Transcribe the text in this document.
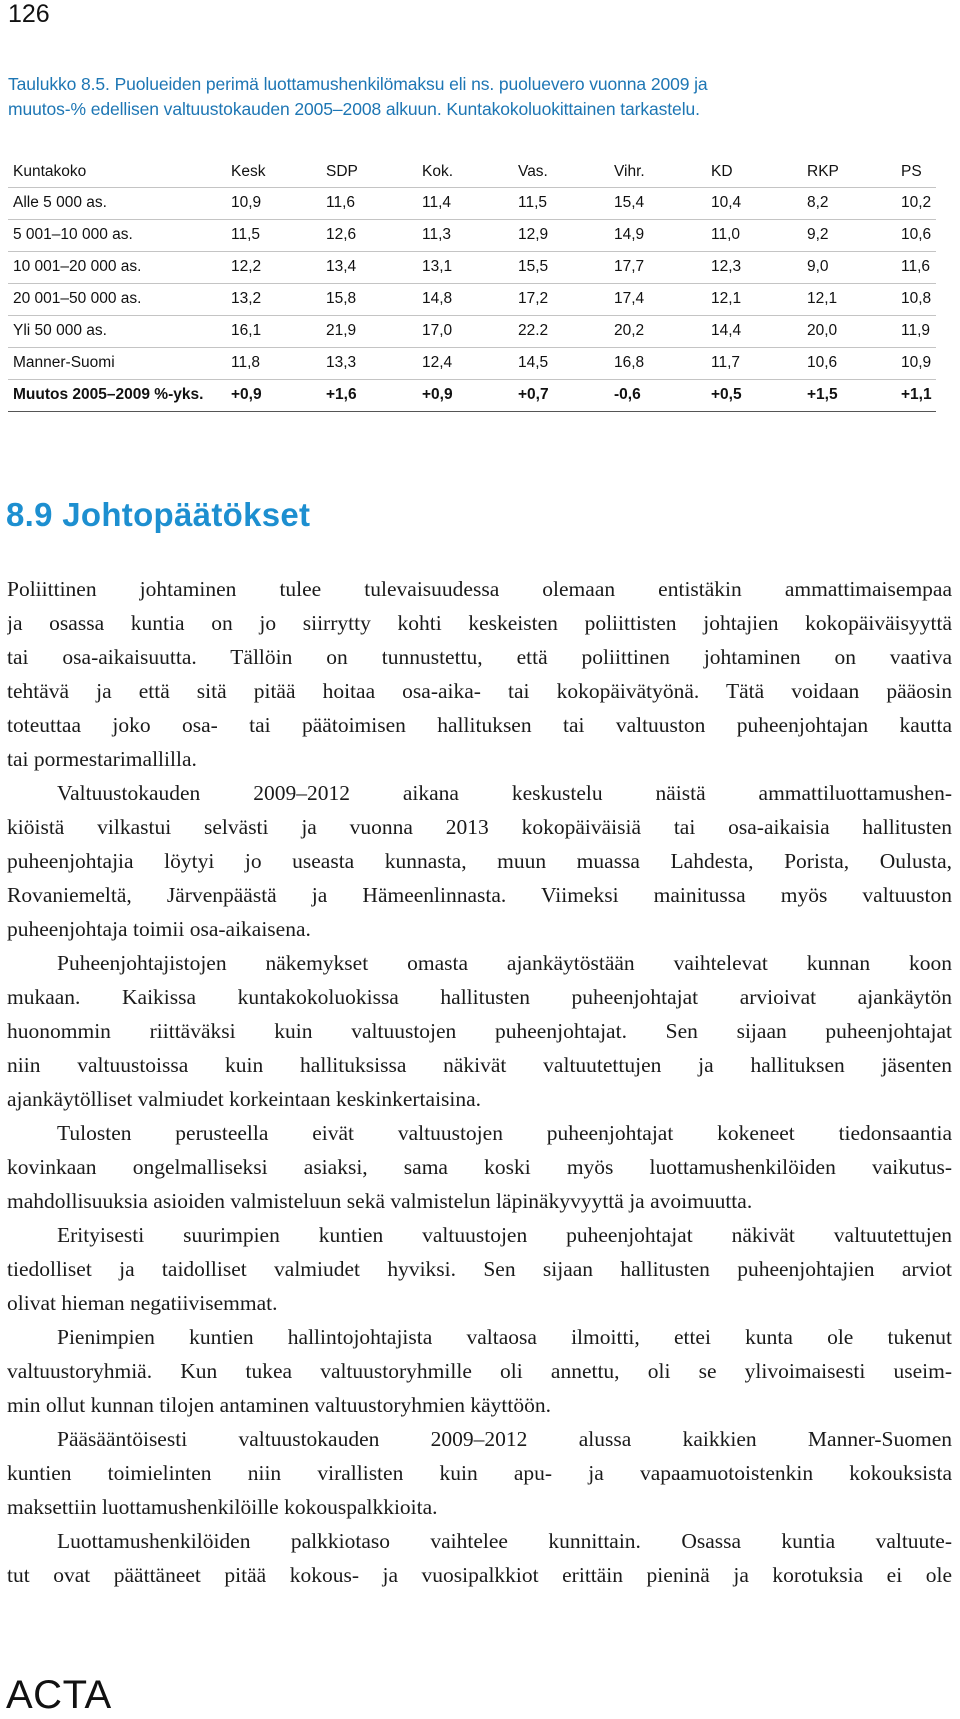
126
Taulukko 8.5. Puolueiden perimä luottamushenkilömaksu eli ns. puoluevero vuonna 2009 ja
muutos-% edellisen valtuustokauden 2005–2008 alkuun. Kuntakokoluokittainen tarkastelu.
Kuntakoko	Kesk	SDP	Kok.	Vas.	Vihr.	KD	RKP	PS
Alle 5 000 as.	10,9	11,6	11,4	11,5	15,4	10,4	8,2	10,2
5 001–10 000 as.	11,5	12,6	11,3	12,9	14,9	11,0	9,2	10,6
10 001–20 000 as.	12,2	13,4	13,1	15,5	17,7	12,3	9,0	11,6
20 001–50 000 as.	13,2	15,8	14,8	17,2	17,4	12,1	12,1	10,8
Yli 50 000 as.	16,1	21,9	17,0	22.2	20,2	14,4	20,0	11,9
Manner-Suomi	11,8	13,3	12,4	14,5	16,8	11,7	10,6	10,9
Muutos 2005–2009 %-yks. +0,9	+1,6	+0,9	+0,7	-0,6	+0,5	+1,5	+1,1
8.9 Johtopäätökset
Poliittinen johtaminen tulee tulevaisuudessa olemaan entistäkin ammattimaisempaa
ja osassa kuntia on jo siirrytty kohti keskeisten poliittisten johtajien kokopäiväisyyttä
tai osa-aikaisuutta. Tällöin on tunnustettu, että poliittinen johtaminen on vaativa
tehtävä ja että sitä pitää hoitaa osa-aika- tai kokopäivätyönä. Tätä voidaan pääosin
toteuttaa joko osa- tai päätoimisen hallituksen tai valtuuston puheenjohtajan kautta
tai pormestarimallilla.
Valtuustokauden 2009–2012 aikana keskustelu näistä ammattiluottamushen-
kiöistä vilkastui selvästi ja vuonna 2013 kokopäiväisiä tai osa-aikaisia hallitusten
puheenjohtajia löytyi jo useasta kunnasta, muun muassa Lahdesta, Porista, Oulusta,
Rovaniemeltä, Järvenpäästä ja Hämeenlinnasta. Viimeksi mainitussa myös valtuuston
puheenjohtaja toimii osa-aikaisena.
Puheenjohtajistojen näkemykset omasta ajankäytöstään vaihtelevat kunnan koon
mukaan. Kaikissa kuntakokoluokissa hallitusten puheenjohtajat arvioivat ajankäytön
huonommin riittäväksi kuin valtuustojen puheenjohtajat. Sen sijaan puheenjohtajat
niin valtuustoissa kuin hallituksissa näkivät valtuutettujen ja hallituksen jäsenten
ajankäytölliset valmiudet korkeintaan keskinkertaisina.
Tulosten perusteella eivät valtuustojen puheenjohtajat kokeneet tiedonsaantia
kovinkaan ongelmalliseksi asiaksi, sama koski myös luottamushenkilöiden vaikutus-
mahdollisuuksia asioiden valmisteluun sekä valmistelun läpinäkyvyyttä ja avoimuutta.
Erityisesti suurimpien kuntien valtuustojen puheenjohtajat näkivät valtuutettujen
tiedolliset ja taidolliset valmiudet hyviksi. Sen sijaan hallitusten puheenjohtajien arviot
olivat hieman negatiivisemmat.
Pienimpien kuntien hallintojohtajista valtaosa ilmoitti, ettei kunta ole tukenut
valtuustoryhmiä. Kun tukea valtuustoryhmille oli annettu, oli se ylivoimaisesti useim-
min ollut kunnan tilojen antaminen valtuustoryhmien käyttöön.
Pääsääntöisesti valtuustokauden 2009–2012 alussa kaikkien Manner-Suomen
kuntien toimielinten niin virallisten kuin apu- ja vapaamuotoistenkin kokouksista
maksettiin luottamushenkilöille kokouspalkkioita.
Luottamushenkilöiden palkkiotaso vaihtelee kunnittain. Osassa kuntia valtuute-
tut ovat päättäneet pitää kokous- ja vuosipalkkiot erittäin pieninä ja korotuksia ei ole
ACTA
